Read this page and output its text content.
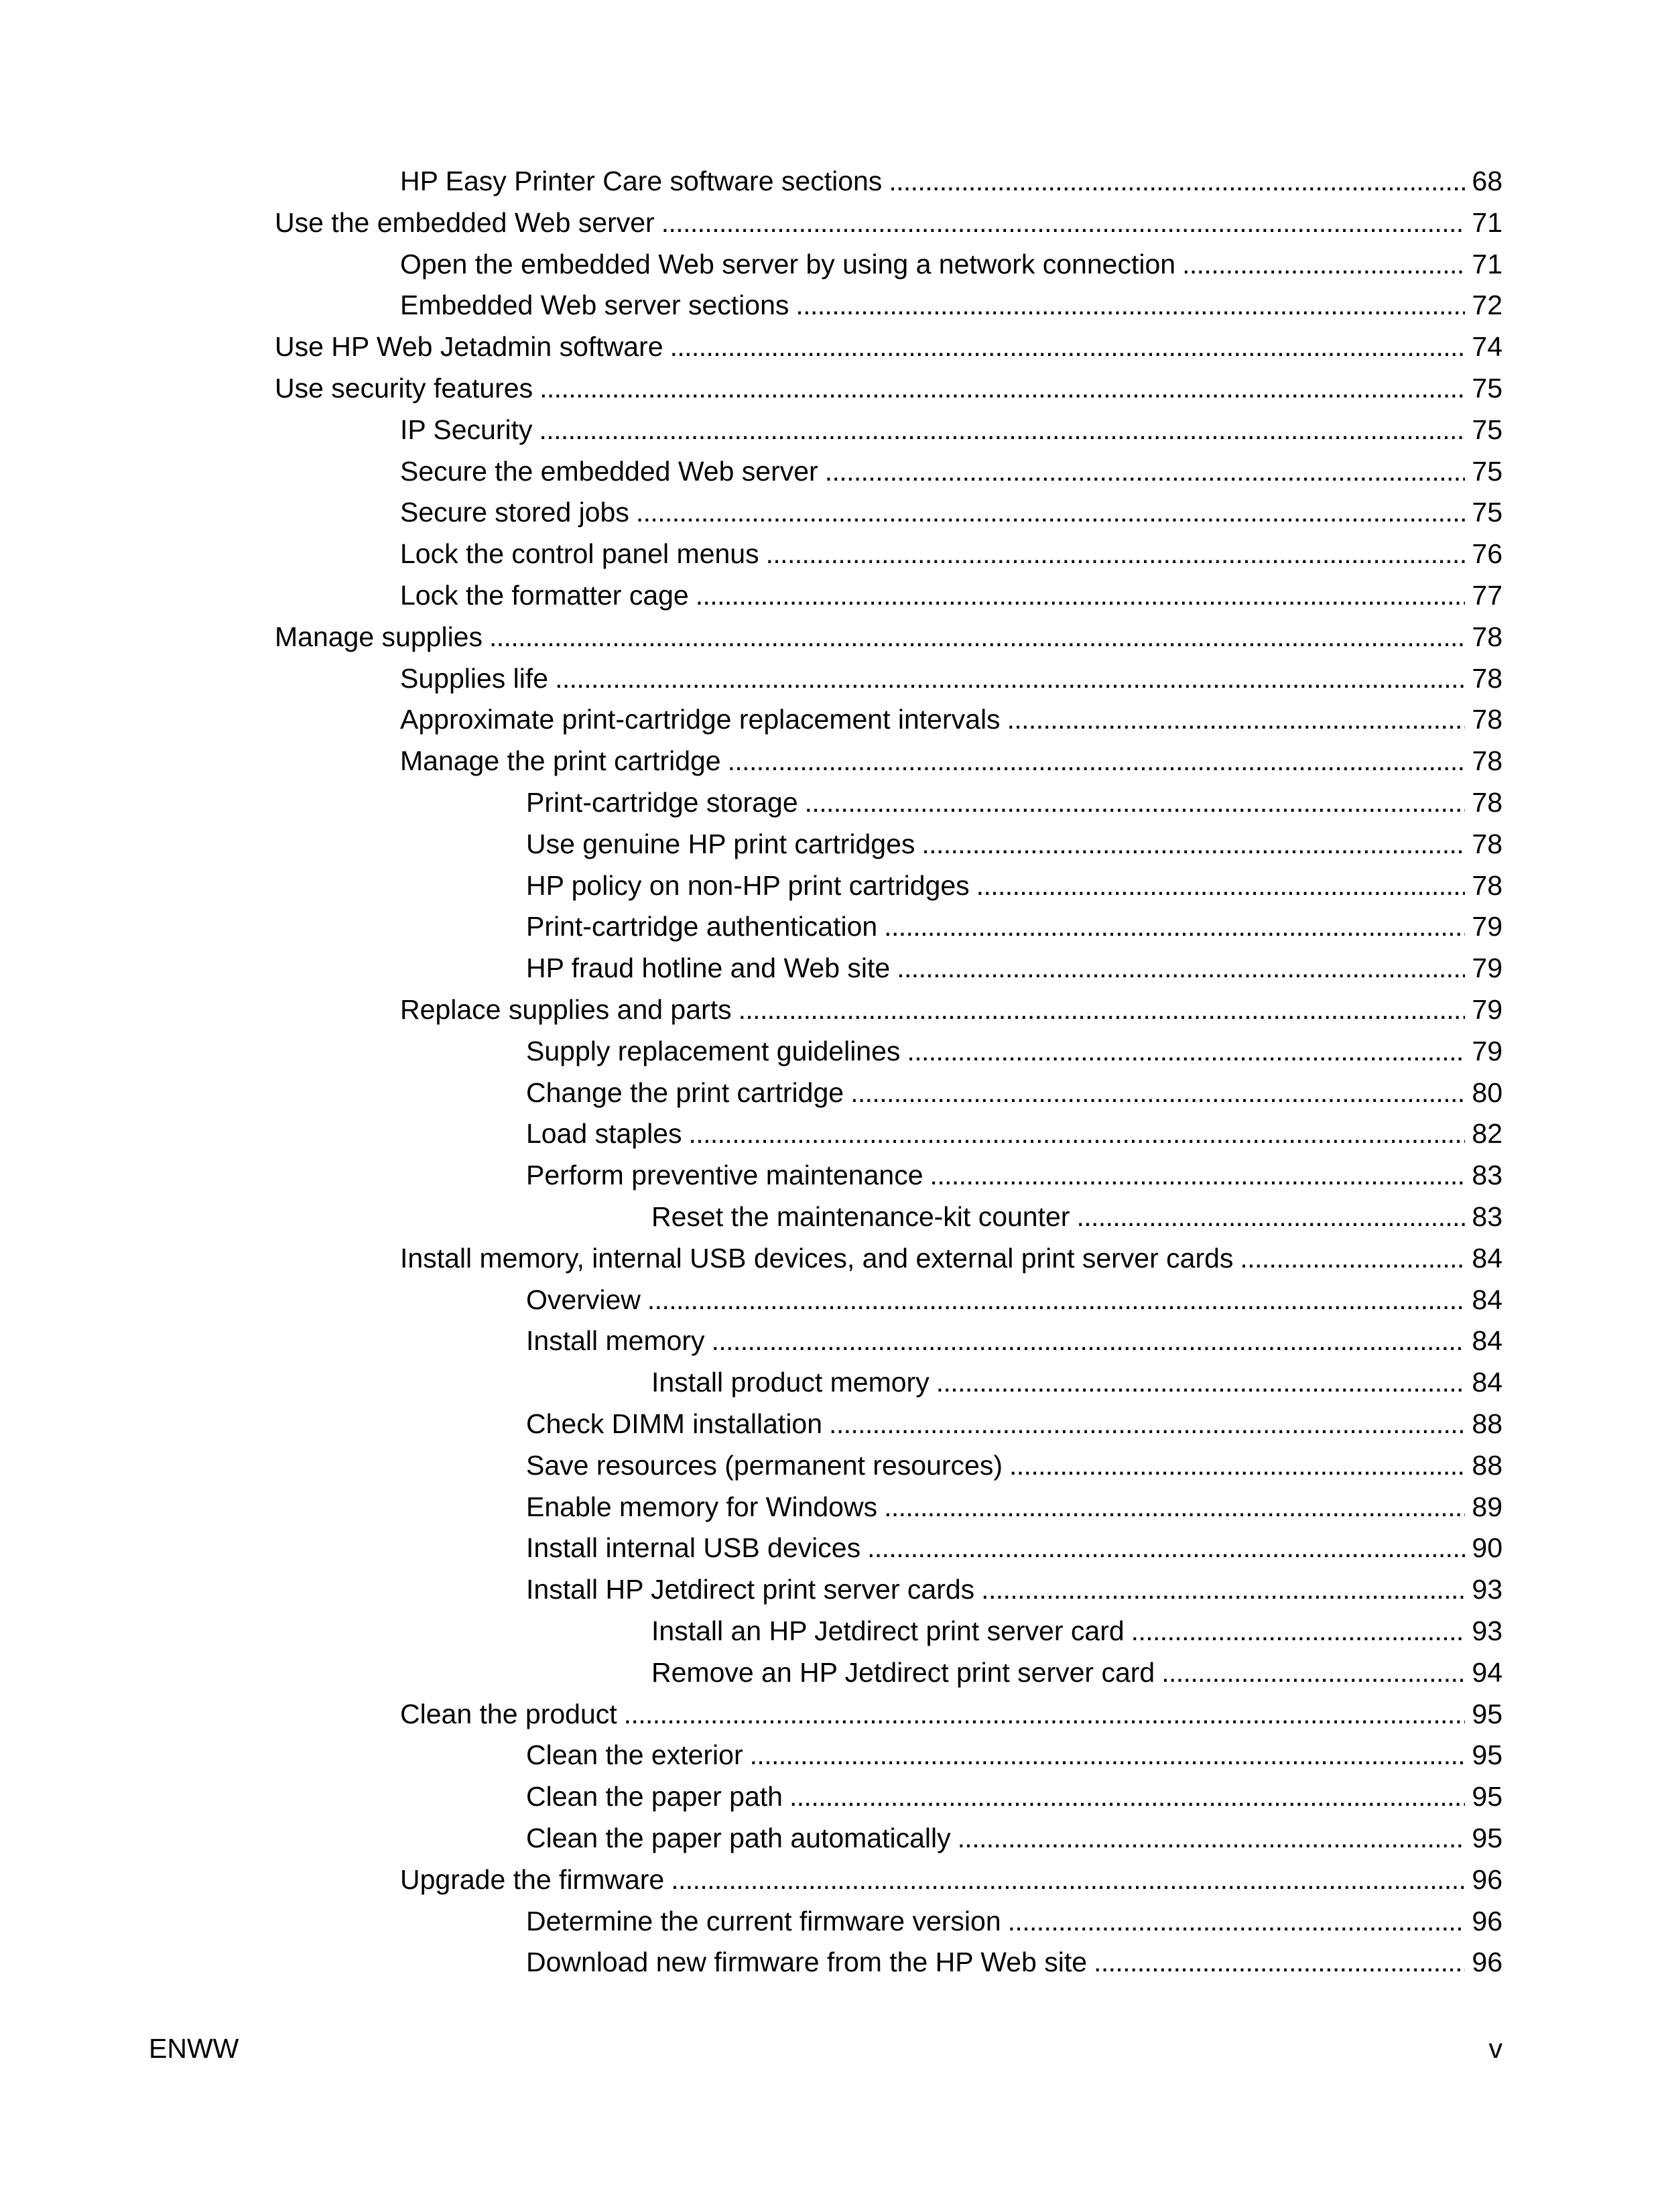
HP Easy Printer Care software sections . . .	68
Use the embedded Web server . . .	71
Open the embedded Web server by using a network connection . . .	71
Embedded Web server sections . . .	72
Use HP Web Jetadmin software . . .	74
Use security features . . .	75
IP Security . . .	75
Secure the embedded Web server . . .	75
Secure stored jobs . . .	75
Lock the control panel menus . . .	76
Lock the formatter cage . . .	77
Manage supplies . . .	78
Supplies life . . .	78
Approximate print-cartridge replacement intervals . . .	78
Manage the print cartridge . . .	78
Print-cartridge storage . . .	78
Use genuine HP print cartridges . . .	78
HP policy on non-HP print cartridges . . .	78
Print-cartridge authentication . . .	79
HP fraud hotline and Web site . . .	79
Replace supplies and parts . . .	79
Supply replacement guidelines . . .	79
Change the print cartridge . . .	80
Load staples . . .	82
Perform preventive maintenance . . .	83
Reset the maintenance-kit counter . . .	83
Install memory, internal USB devices, and external print server cards . . .	84
Overview . . .	84
Install memory . . .	84
Install product memory . . .	84
Check DIMM installation . . .	88
Save resources (permanent resources) . . .	88
Enable memory for Windows . . .	89
Install internal USB devices . . .	90
Install HP Jetdirect print server cards . . .	93
Install an HP Jetdirect print server card . . .	93
Remove an HP Jetdirect print server card . . .	94
Clean the product . . .	95
Clean the exterior . . .	95
Clean the paper path . . .	95
Clean the paper path automatically . . .	95
Upgrade the firmware . . .	96
Determine the current firmware version . . .	96
Download new firmware from the HP Web site . . .	96
ENWW	v
